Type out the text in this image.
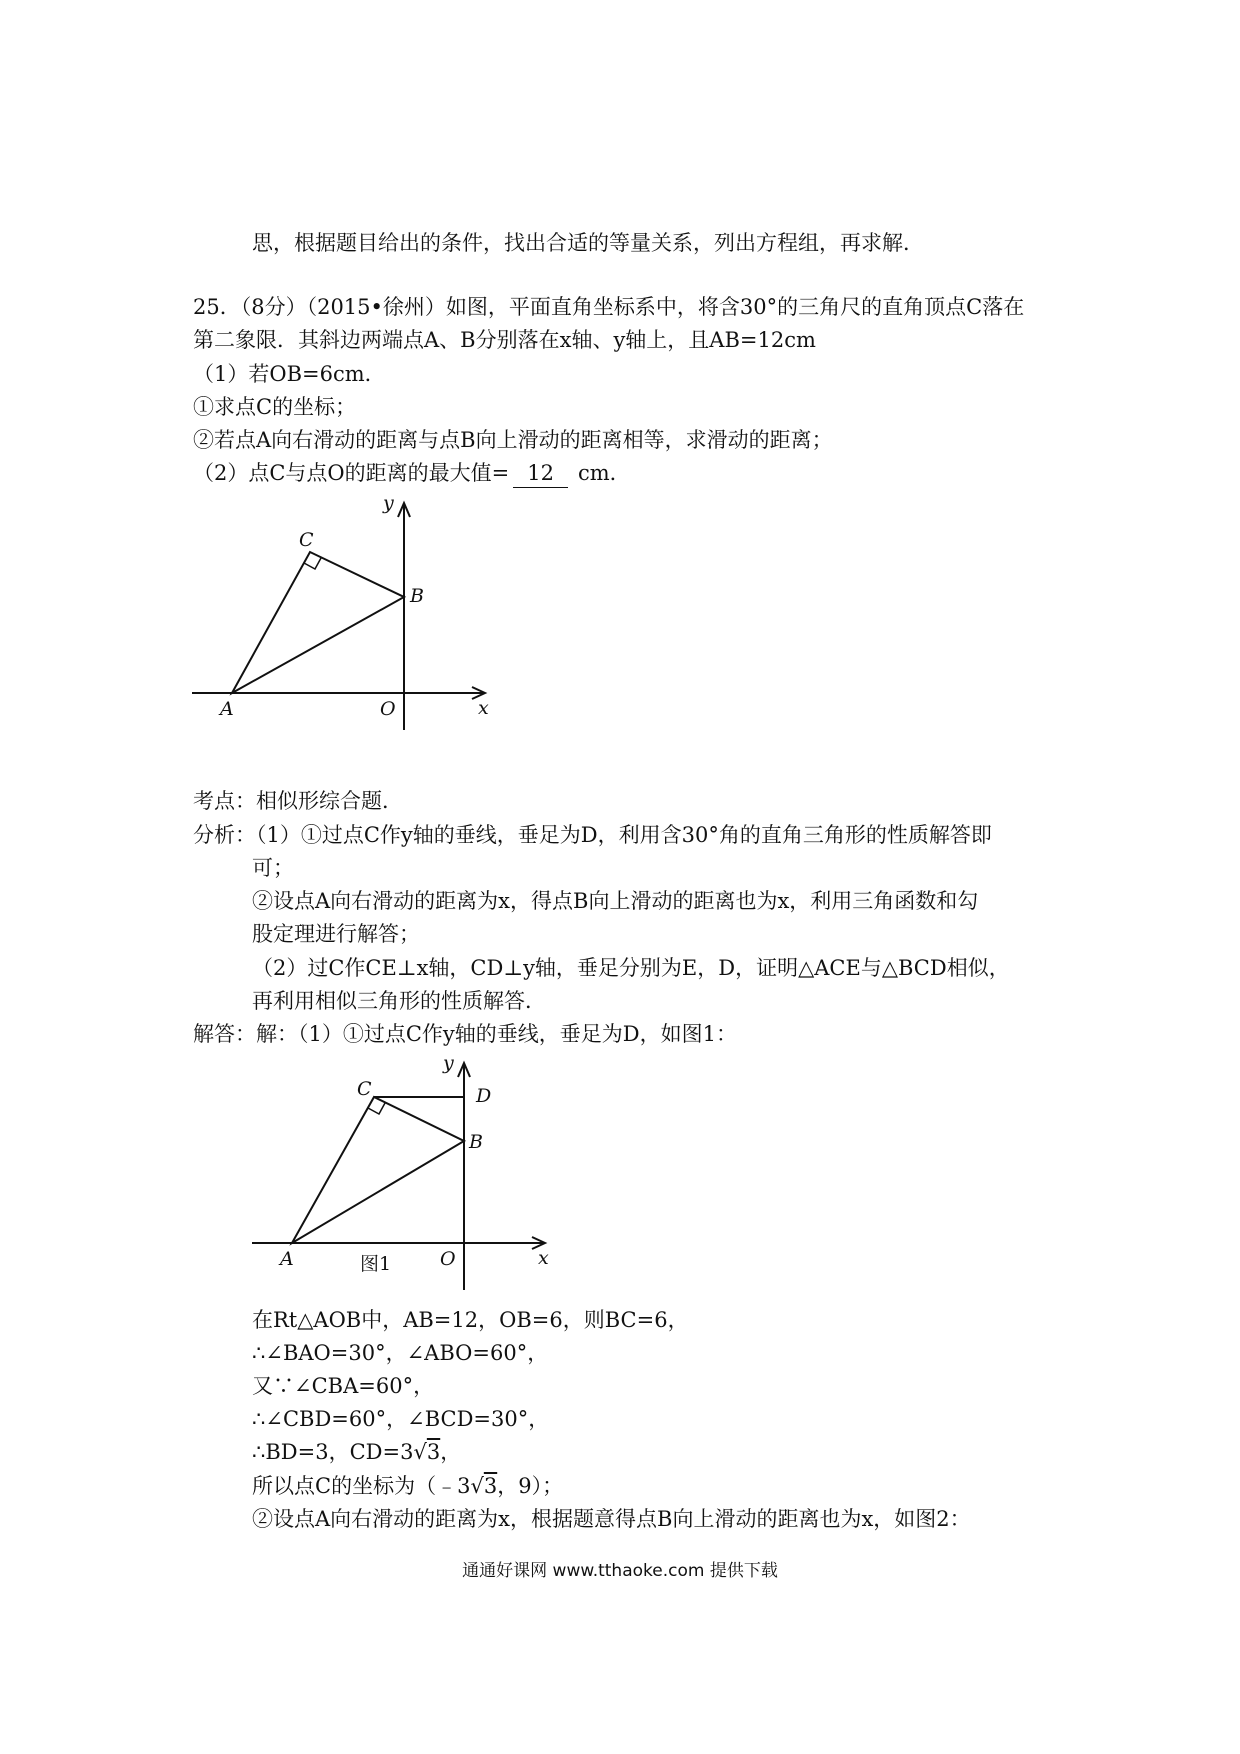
思，根据题目给出的条件，找出合适的等量关系，列出方程组，再求解．
25．（8分）（2015•徐州）如图，平面直角坐标系中，将含30°的三角尺的直角顶点C落在
第二象限．其斜边两端点A、B分别落在x轴、y轴上，且AB=12cm
（1）若OB=6cm．
①求点C的坐标；
②若点A向右滑动的距离与点B向上滑动的距离相等，求滑动的距离；
（2）点C与点O的距离的最大值= 12 cm．
y
C
B
A	O	x
考点：相似形综合题．
分析：（1）①过点C作y轴的垂线，垂足为D，利用含30°角的直角三角形的性质解答即
可；
②设点A向右滑动的距离为x，得点B向上滑动的距离也为x，利用三角函数和勾
股定理进行解答；
（2）过C作CE⊥x轴，CD⊥y轴，垂足分别为E，D，证明△ACE与△BCD相似，
再利用相似三角形的性质解答．
解答：解：（1）①过点C作y轴的垂线，垂足为D，如图1：
y
C	D
B
A	O	x
图1
在Rt△AOB中，AB=12，OB=6，则BC=6，
∴∠BAO=30°，∠ABO=60°，
又∵∠CBA=60°，
∴∠CBD=60°，∠BCD=30°，
∴BD=3，CD=3√3，
所以点C的坐标为（﹣3√3，9）；
②设点A向右滑动的距离为x，根据题意得点B向上滑动的距离也为x，如图2：
通通好课网 www.tthaoke.com 提供下载
